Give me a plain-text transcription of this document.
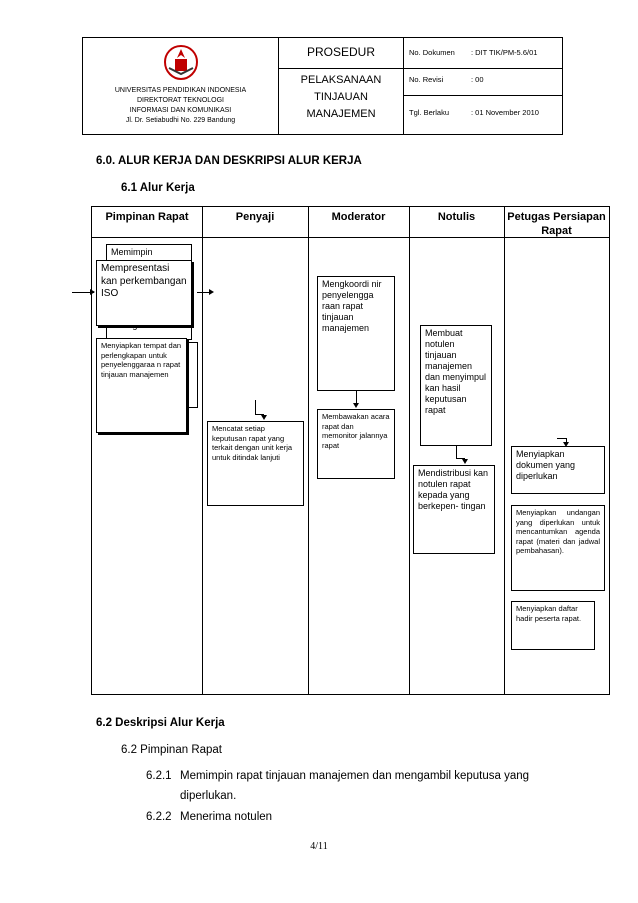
UNIVERSITAS PENDIDIKAN INDONESIA
DIREKTORAT TEKNOLOGI
INFORMASI DAN KOMUNIKASI
Jl. Dr. Setiabudhi No. 229 Bandung
PROSEDUR
PELAKSANAAN
TINJAUAN
MANAJEMEN
No. Dokumen : DIT TIK/PM-5.6/01
No. Revisi	: 00
Tgl. Berlaku	: 01 November 2010
6.0. ALUR KERJA DAN DESKRIPSI ALUR KERJA
6.1 Alur Kerja
Pimpinan Rapat	Penyaji	Moderator	Notulis	Petugas Persiapan Rapat
Memimpin
Mempresentasi kan perkembangan ISO
Menyiapkan tempat dan perlengkapan untuk penyelenggaraa n rapat tinjauan manajemen
Mencatat setiap keputusan rapat yang terkait dengan unit kerja untuk ditindak lanjuti
Mengkoordi nir penyelengga raan rapat tinjauan manajemen
Membawakan acara rapat dan memonitor jalannya rapat
Membuat notulen tinjauan manajemen dan menyimpul kan hasil keputusan rapat
Mendistribusi kan notulen rapat kepada yang berkepen- tingan
Menyiapkan dokumen yang diperlukan
Menyiapkan undangan yang diperlukan untuk mencantumkan agenda rapat (materi dan jadwal pembahasan).
Menyiapkan daftar hadir peserta rapat.
6.2 Deskripsi Alur Kerja
6.2 Pimpinan Rapat
6.2.1 Memimpin rapat tinjauan manajemen dan mengambil keputusa yang
diperlukan.
6.2.2 Menerima notulen
4/11
